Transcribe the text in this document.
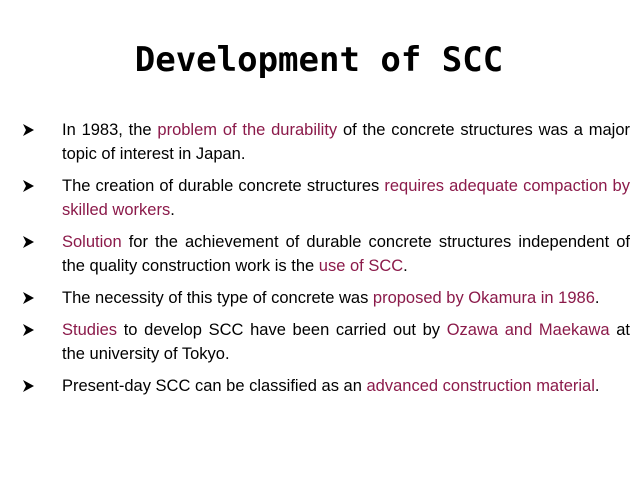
Development of SCC
In 1983, the problem of the durability of the concrete structures was a major topic of interest in Japan.
The creation of durable concrete structures requires adequate compaction by skilled workers.
Solution for the achievement of durable concrete structures independent of the quality construction work is the use of SCC.
The necessity of this type of concrete was proposed by Okamura in 1986.
Studies to develop SCC have been carried out by Ozawa and Maekawa at the university of Tokyo.
Present-day SCC can be classified as an advanced construction material.
